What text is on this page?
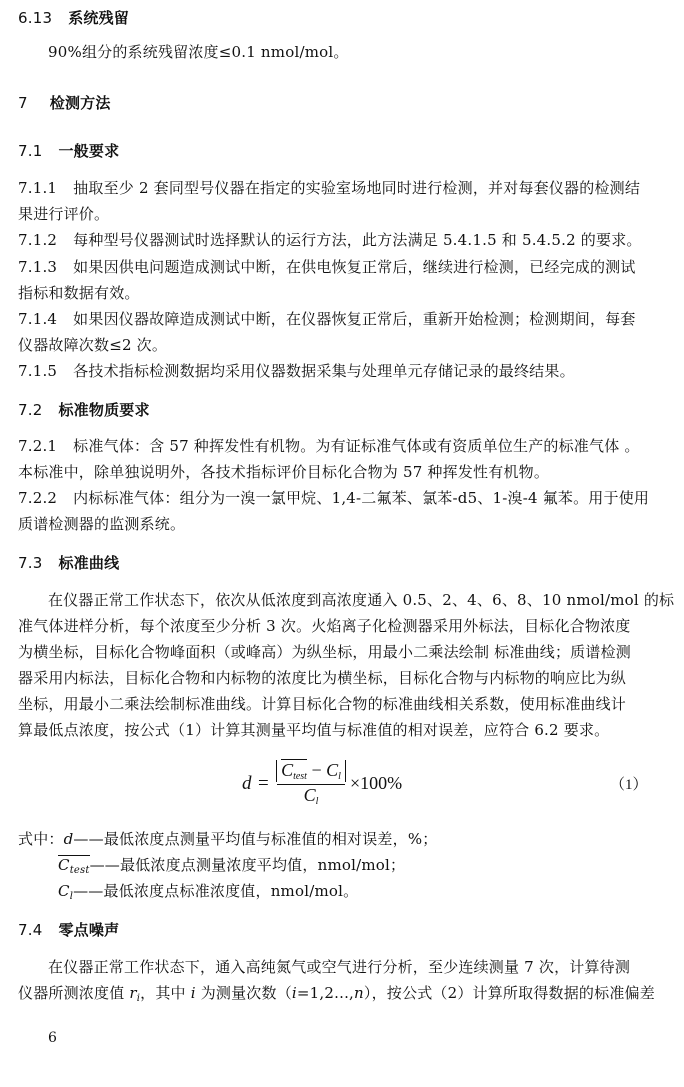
6.13 系统残留
90%组分的系统残留浓度≤0.1 nmol/mol。
7 检测方法
7.1 一般要求
7.1.1 抽取至少 2 套同型号仪器在指定的实验室场地同时进行检测，并对每套仪器的检测结
果进行评价。
7.1.2 每种型号仪器测试时选择默认的运行方法，此方法满足 5.4.1.5 和 5.4.5.2 的要求。
7.1.3 如果因供电问题造成测试中断，在供电恢复正常后，继续进行检测，已经完成的测试
指标和数据有效。
7.1.4 如果因仪器故障造成测试中断，在仪器恢复正常后，重新开始检测；检测期间，每套
仪器故障次数≤2 次。
7.1.5 各技术指标检测数据均采用仪器数据采集与处理单元存储记录的最终结果。
7.2 标准物质要求
7.2.1 标准气体：含 57 种挥发性有机物。为有证标准气体或有资质单位生产的标准气体 。
本标准中，除单独说明外，各技术指标评价目标化合物为 57 种挥发性有机物。
7.2.2 内标标准气体：组分为一溴一氯甲烷、1,4-二氟苯、氯苯-d5、1-溴-4 氟苯。用于使用
质谱检测器的监测系统。
7.3 标准曲线
在仪器正常工作状态下，依次从低浓度到高浓度通入 0.5、2、4、6、8、10 nmol/mol 的标
准气体进样分析，每个浓度至少分析 3 次。火焰离子化检测器采用外标法，目标化合物浓度
为横坐标，目标化合物峰面积（或峰高）为纵坐标，用最小二乘法绘制 标准曲线；质谱检测
器采用内标法，目标化合物和内标物的浓度比为横坐标，目标化合物与内标物的响应比为纵
坐标，用最小二乘法绘制标准曲线。计算目标化合物的标准曲线相关系数，使用标准曲线计
算最低点浓度，按公式（1）计算其测量平均值与标准值的相对误差，应符合 6.2 要求。
d =
$C_{test} - C_l$
$C_l$
×100%	（1）
式中：d——最低浓度点测量平均值与标准值的相对误差，%；
$C_{test}——$最低浓度点测量浓度平均值，nmol/mol；
$C_l——$最低浓度点标准浓度值，nmol/mol。
7.4 零点噪声
在仪器正常工作状态下，通入高纯氮气或空气进行分析，至少连续测量 7 次，计算待测
仪器所测浓度值 $r_i$，其中 i 为测量次数（i=1,2...,n），按公式（2）计算所取得数据的标准偏差
6
